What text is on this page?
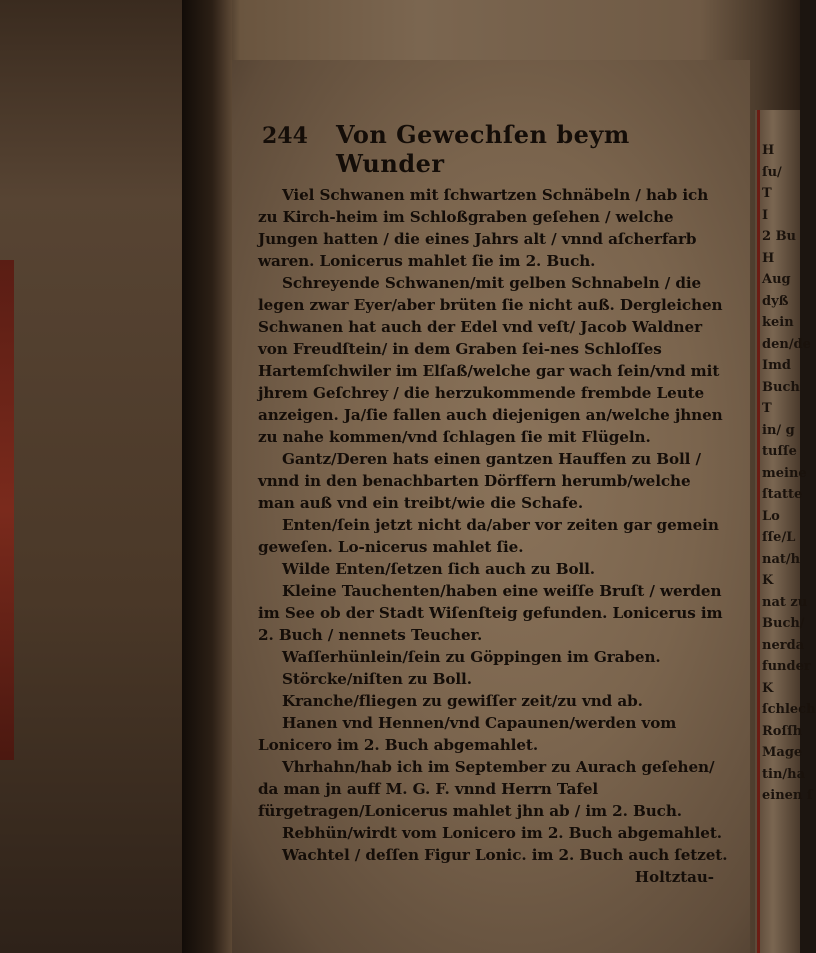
244 Von Gewechſen beym Wunder

Viel Schwanen mit ſchwartzen Schnäbeln / hab ich zu Kirch-heim im Schloßgraben geſehen / welche Jungen hatten / die eines Jahrs alt / vnnd aſcherfarb waren. Lonicerus mahlet ſie im 2. Buch.

Schreyende Schwanen/mit gelben Schnabeln / die legen zwar Eyer/aber brüten ſie nicht auß. Dergleichen Schwanen hat auch der Edel vnd veſt/ Jacob Waldner von Freudſtein/ in dem Graben ſei-nes Schloſſes Hartemſchwiler im Elſaß/welche gar wach ſein/vnd mit jhrem Geſchrey / die herzukommende frembde Leute anzeigen. Ja/ſie fallen auch diejenigen an/welche jhnen zu nahe kommen/vnd ſchlagen ſie mit Flügeln.

Gantz/Deren hats einen gantzen Hauffen zu Boll / vnnd in den benachbarten Dörffern herumb/welche man auß vnd ein treibt/wie die Schafe.

Enten/ſein jetzt nicht da/aber vor zeiten gar gemein geweſen. Lo-nicerus mahlet ſie.

Wilde Enten/ſetzen ſich auch zu Boll.

Kleine Tauchenten/haben eine weiſſe Bruſt / werden im See ob der Stadt Wiſenſteig gefunden. Lonicerus im 2. Buch / nennets Teucher.

Waſſerhünlein/ſein zu Göppingen im Graben.

Störcke/niſten zu Boll.

Kranche/fliegen zu gewiſſer zeit/zu vnd ab.

Hanen vnd Hennen/vnd Capaunen/werden vom Lonicero im 2. Buch abgemahlet.

Vhrhahn/hab ich im September zu Aurach geſehen/ da man jn auff M. G. F. vnnd Herrn Tafel fürgetragen/Lonicerus mahlet jhn ab / im 2. Buch.

Rebhün/wirdt vom Lonicero im 2. Buch abgemahlet.

Wachtel / deſſen Figur Lonic. im 2. Buch auch ſetzet.

Holtztau-
H
ſu/
T
I
2 Bu
H
Aug
dyß
kein
den/de
Imd
Buch
T
in/ g
tuſſe
meine
ſtatte
Lo
ſſe/L
nat/h
K
nat zu
Buch/
nerda
funder
K
ſchlech
Roſſh
Mage
tin/ha
einen ſ
